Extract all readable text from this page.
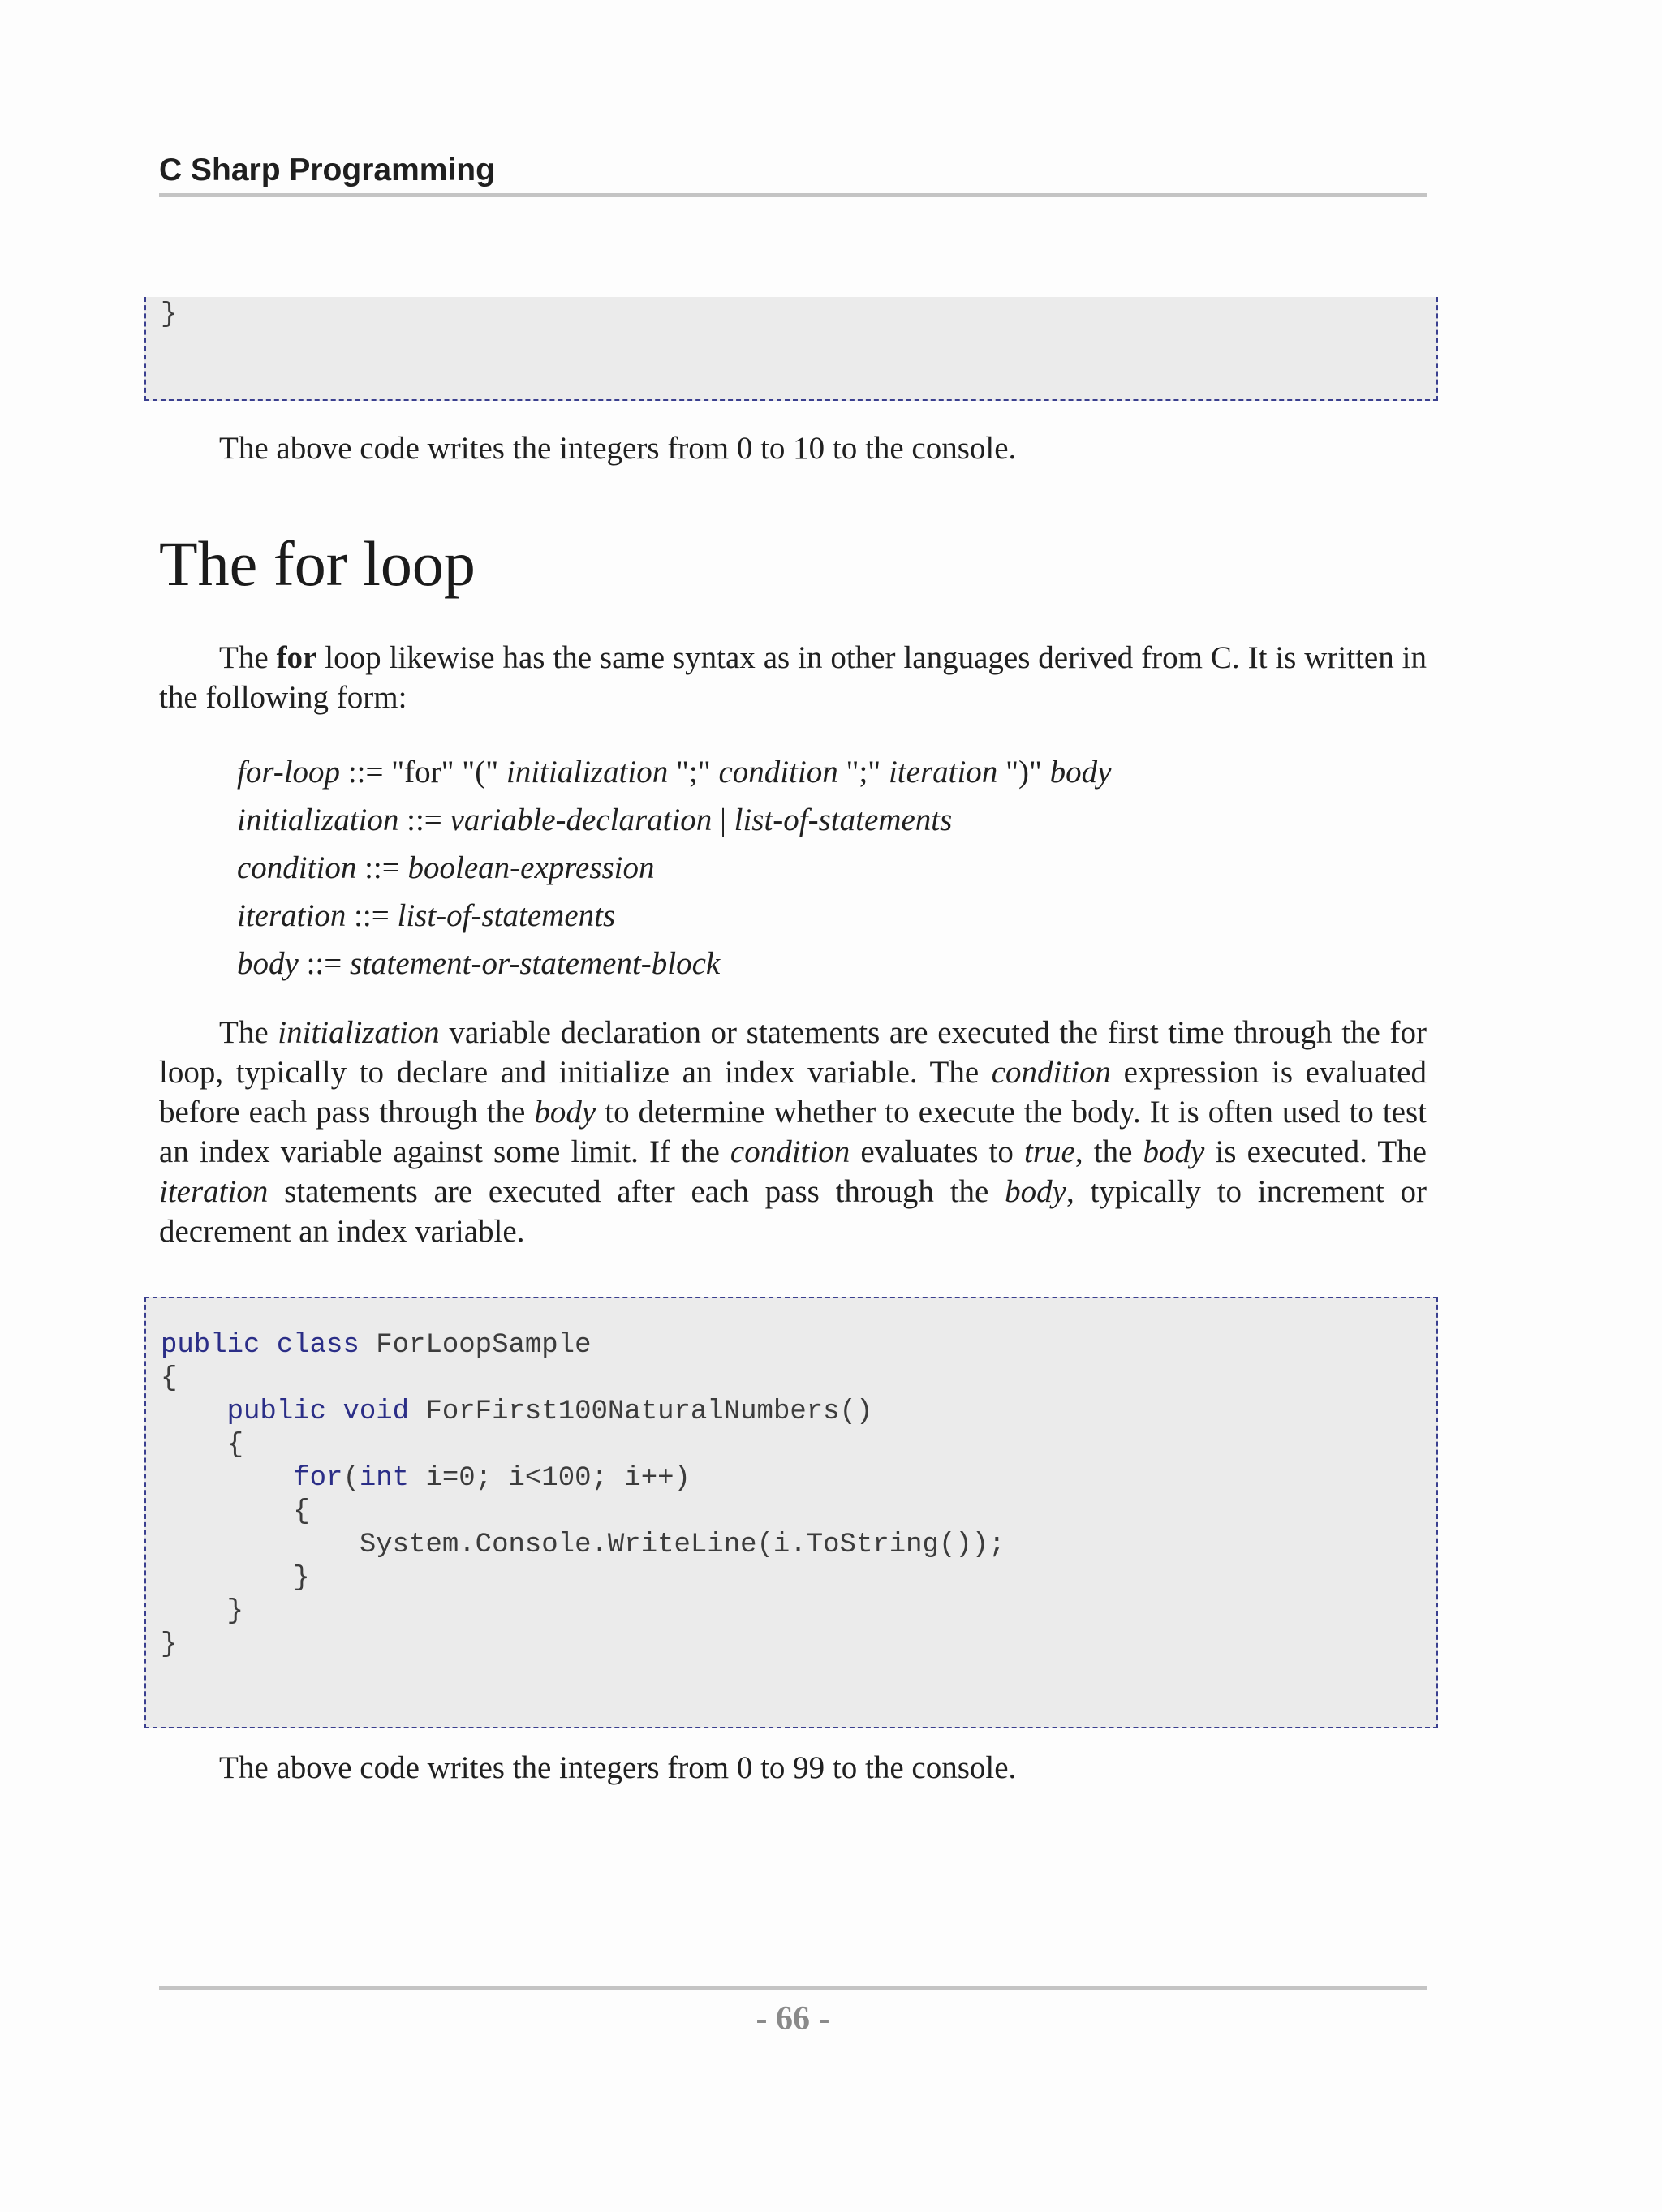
C Sharp Programming
}

The above code writes the integers from 0 to 10 to the console.

The for loop

The for loop likewise has the same syntax as in other languages derived from C. It is written in the following form:

for-loop ::= "for" "(" initialization ";" condition ";" iteration ")" body
initialization ::= variable-declaration | list-of-statements
condition ::= boolean-expression
iteration ::= list-of-statements
body ::= statement-or-statement-block

The initialization variable declaration or statements are executed the first time through the for loop, typically to declare and initialize an index variable. The condition expression is evaluated before each pass through the body to determine whether to execute the body. It is often used to test an index variable against some limit. If the condition evaluates to true, the body is executed. The iteration statements are executed after each pass through the body, typically to increment or decrement an index variable.

public class ForLoopSample
{
public void ForFirst100NaturalNumbers()
{
for(int i=0; i<100; i++)
{
System.Console.WriteLine(i.ToString());
}
}
}

The above code writes the integers from 0 to 99 to the console.

- 66 -
